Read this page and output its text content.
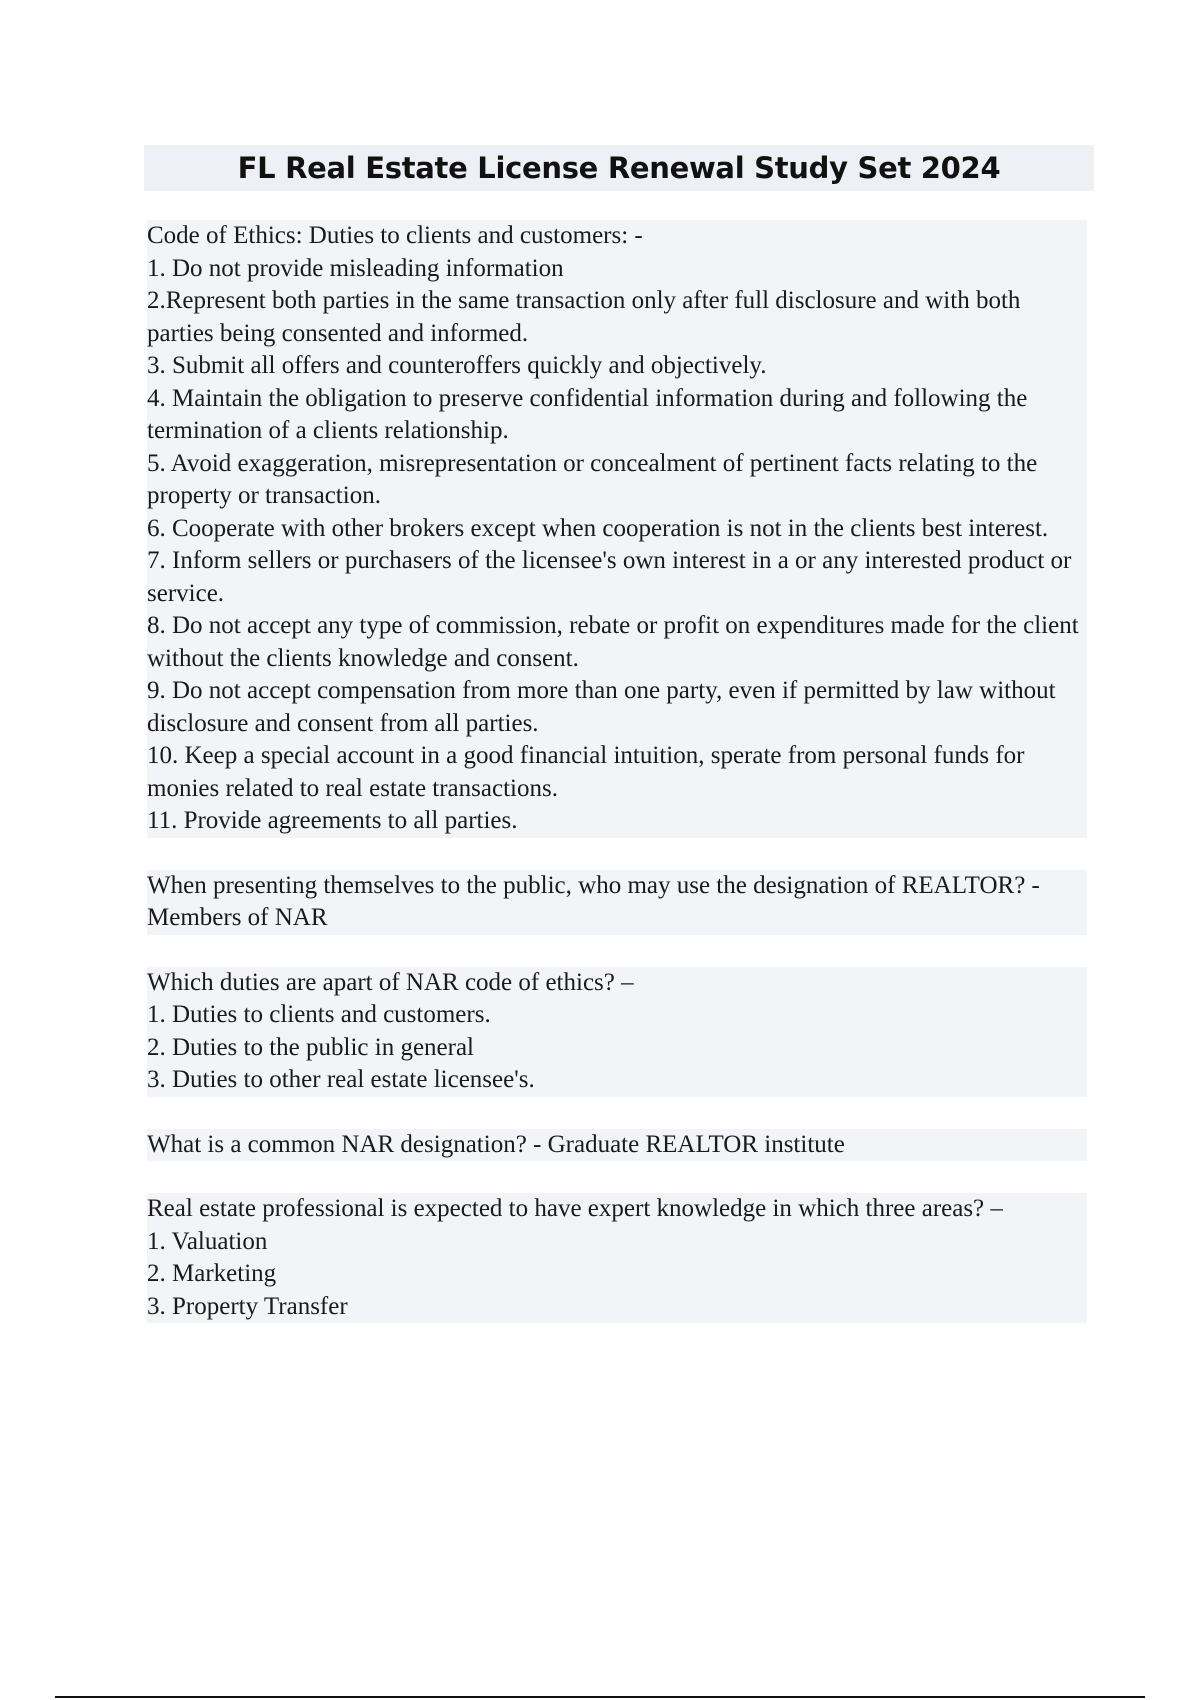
FL Real Estate License Renewal Study Set 2024

Code of Ethics: Duties to clients and customers: -

1. Do not provide misleading information

2.Represent both parties in the same transaction only after full disclosure and with both parties being consented and informed.

3. Submit all offers and counteroffers quickly and objectively.

4. Maintain the obligation to preserve confidential information during and following the termination of a clients relationship.

5. Avoid exaggeration, misrepresentation or concealment of pertinent facts relating to the property or transaction.

6. Cooperate with other brokers except when cooperation is not in the clients best interest.

7. Inform sellers or purchasers of the licensee's own interest in a or any interested product or service.

8. Do not accept any type of commission, rebate or profit on expenditures made for the client without the clients knowledge and consent.

9. Do not accept compensation from more than one party, even if permitted by law without disclosure and consent from all parties.

10. Keep a special account in a good financial intuition, sperate from personal funds for monies related to real estate transactions.

11. Provide agreements to all parties.

When presenting themselves to the public, who may use the designation of REALTOR? - Members of NAR

Which duties are apart of NAR code of ethics? –

1. Duties to clients and customers.

2. Duties to the public in general

3. Duties to other real estate licensee's.

What is a common NAR designation? - Graduate REALTOR institute

Real estate professional is expected to have expert knowledge in which three areas? –

1. Valuation

2. Marketing

3. Property Transfer
